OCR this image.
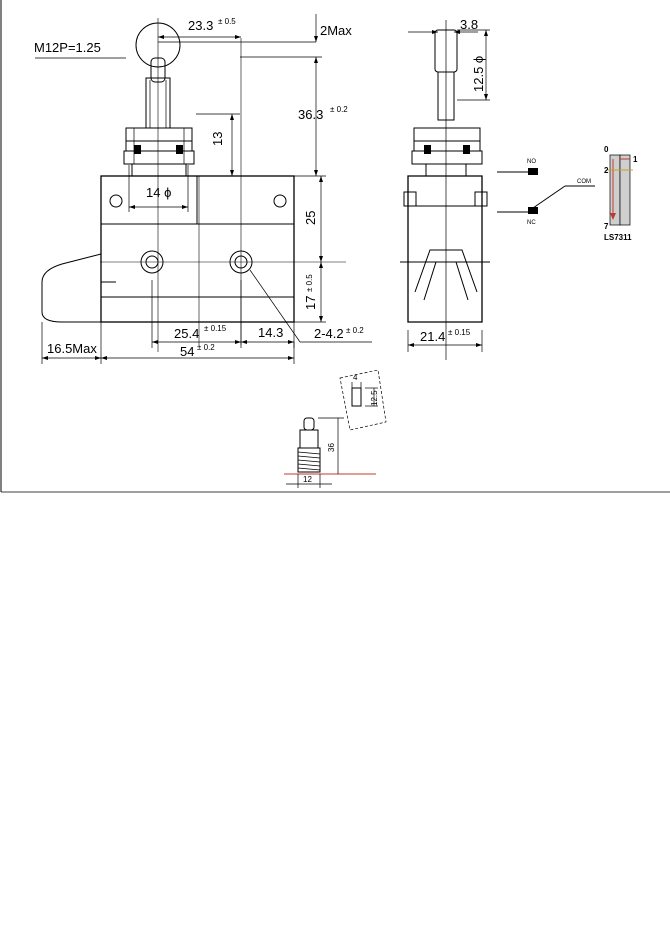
M12P=1.25
23.3 ± 0.5
2Max
36.3 ± 0.2
13
14 ϕ
25
17
± 0.5
25.4 ± 0.15 14.3 2-4.2 ± 0.2
16.5Max	54 ± 0.2
3.8
12.5 ϕ
21.4 ± 0.15
NO
NC
COM
0
1
2
7
LS7311
4
12.5
36
12
